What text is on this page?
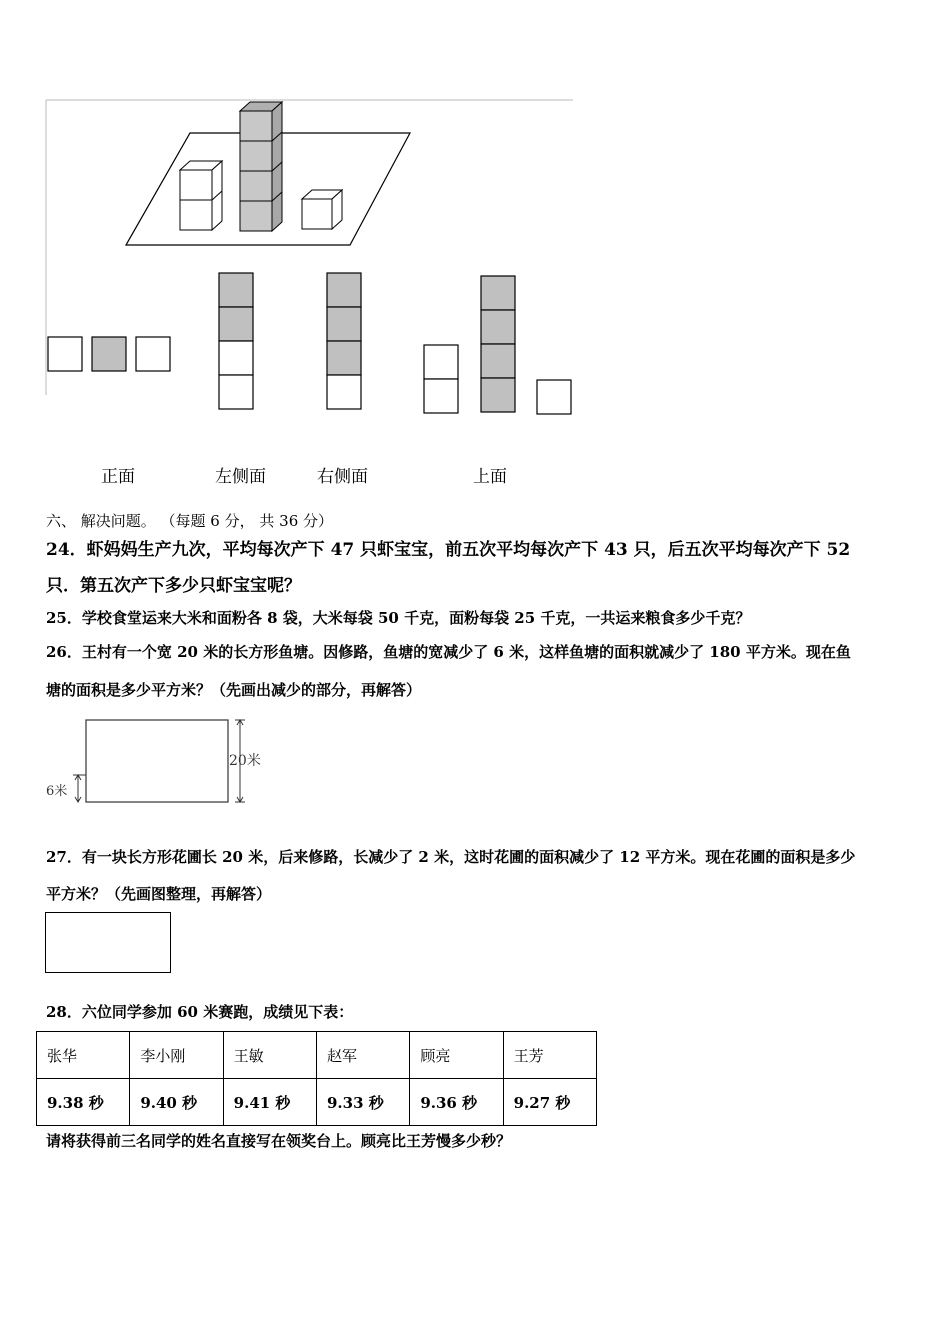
正面	左侧面	右侧面	上面
六、 解决问题。 （每题 6 分， 共 36 分）
24．虾妈妈生产九次，平均每次产下 47 只虾宝宝，前五次平均每次产下 43 只，后五次平均每次产下 52
只．第五次产下多少只虾宝宝呢？
25．学校食堂运来大米和面粉各 8 袋，大米每袋 50 千克，面粉每袋 25 千克，一共运来粮食多少千克？
26．王村有一个宽 20 米的长方形鱼塘。因修路，鱼塘的宽减少了 6 米，这样鱼塘的面积就减少了 180 平方米。现在鱼
塘的面积是多少平方米？（先画出减少的部分，再解答）
20米
6米
27．有一块长方形花圃长 20 米，后来修路，长减少了 2 米，这时花圃的面积减少了 12 平方米。现在花圃的面积是多少
平方米？（先画图整理，再解答）
28．六位同学参加 60 米赛跑，成绩见下表：
张华	李小刚	王敏	赵军	顾亮	王芳
9.38 秒	9.40 秒	9.41 秒	9.33 秒	9.36 秒	9.27 秒
请将获得前三名同学的姓名直接写在领奖台上。顾亮比王芳慢多少秒？
